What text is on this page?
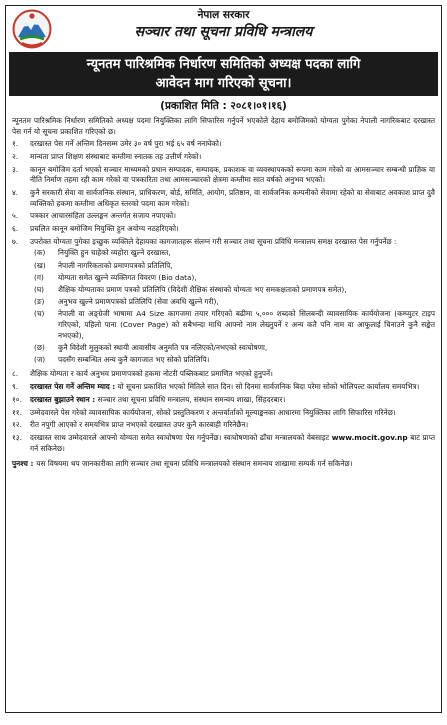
नेपाल सरकार
सञ्चार तथा सूचना प्रविधि मन्त्रालय
न्यूनतम पारिश्रमिक निर्धारण समितिको अध्यक्ष पदका लागि
आवेदन माग गरिएको सूचना।
(प्रकाशित मिति : २०८१।०१।१६)
न्यूनतम पारिश्रमिक निर्धारण समितिको अध्यक्ष पदमा नियुक्तिका लागि सिफारिस गर्नुपर्ने भएकोले देहाय बमोजिमको योग्यता पुगेका नेपाली नागरिकबाट दरखास्त पेस गर्न यो सूचना प्रकाशित गरिएको छ।
१.	दरखास्त पेस गर्ने अन्तिम दिनसम्म उमेर ३० वर्ष पुरा भई ६५ वर्ष ननाघेको।
२.	मान्यता प्राप्त शिक्षण संस्थाबाट कम्तीमा स्नातक तह उत्तीर्ण गरेको।
३.	कानून बमोजिम दर्ता भएको सञ्चार माध्यमको प्रधान सम्पादक, सम्पादक, प्रकाशक वा व्यवस्थापकको रूपमा काम गरेको वा आमसञ्चार सम्बन्धी प्राज्ञिक वा नीति निर्माण तहमा रही काम गरेको वा पत्रकारिता तथा आमसञ्चारको क्षेत्रमा कम्तीमा सात वर्षको अनुभव भएको।
४.	कुनै सरकारी सेवा वा सार्वजनिक संस्थान, प्राधिकरण, बोर्ड, समिति, आयोग, प्रतिष्ठान, वा सार्वजनिक कम्पनीको सेवामा रहेको वा सेवाबाट अवकाश प्राप्त दुवै व्यक्तिको हकमा कम्तीमा अधिकृत स्तरको पदमा काम गरेको।
५.	पत्रकार आचारसंहिता उल्लङ्घन अन्तर्गत सजाय नपाएको।
६.	प्रचलित कानून बमोजिम नियुक्ति हुन अयोग्य नठहरिएको।
७.	उपरोक्त योग्यता पुगेका इच्छुक व्यक्तिले देहायका कागजातहरू संलग्न गरी सञ्चार तथा सूचना प्रविधि मन्त्रालय समक्ष दरखास्त पेस गर्नुपर्नेछ :
(क)	नियुक्ति हुन चाहेको व्यहोरा खुल्ने दरखास्त,
(ख)	नेपाली नागरिकताको प्रमाणपत्रको प्रतिलिपि,
(ग)	योग्यता समेत खुल्ने व्यक्तिगत विवरण (Bio data),
(घ)	शैक्षिक योग्यताका प्रमाण पत्रको प्रतिलिपि (विदेशी शैक्षिक संस्थाको योग्यता भए समकक्षताको प्रमाणपत्र समेत),
(ङ)	अनुभव खुल्ने प्रमाणपत्रको प्रतिलिपि (सेवा अवधि खुल्ने गरी),
(च)	नेपाली वा अङ्ग्रेजी भाषामा A4 Size कागजमा तयार गरिएको बढीमा ५,००० शब्दको सिलबन्दी व्यावसायिक कार्ययोजना (कम्प्युटर टाइप गरिएको, पहिलो पाना (Cover Page) को सबैभन्दा माथि आफ्नो नाम लेख्नुपर्ने र अन्य कतै पनि नाम वा आफूलाई चिनाउने कुनै सङ्केत नभएको),
(छ)	कुनै विदेशी मुलुकको स्थायी आवासीय अनुमति पत्र नलिएको/नभएको स्वःघोषणा,
(ज)	पदसँग सम्बन्धित अन्य कुनै कागजात भए सोको प्रतिलिपि।
८.	शैक्षिक योग्यता र कार्य अनुभव प्रमाणपत्रको हकमा नोटरी पब्लिकबाट प्रमाणित भएको हुनुपर्ने।
९.	दरखास्त पेस गर्ने अन्तिम म्याद : यो सूचना प्रकाशित भएको मितिले सात दिन। सो दिनमा सार्वजनिक बिदा परेमा सोको भोलिपल्ट कार्यालय समयभित्र।
१०.	दरखास्त बुझाउने स्थान : सञ्चार तथा सूचना प्रविधि मन्त्रालय, संस्थान समन्वय शाखा, सिंहदरबार।
११.	उम्मेदवारले पेस गरेको व्यावसायिक कार्ययोजना, सोको प्रस्तुतिकरण र अन्तर्वार्ताको मूल्याङ्कनका आधारमा नियुक्तिका लागि सिफारिस गरिनेछ।
१२.	रीत नपुगी आएको र समयभित्र प्राप्त नभएको दरखास्त उपर कुनै कारबाही गरिनेछैन।
१३.	दरखास्त साथ उम्मेदवारले आफ्नो योग्यता समेत स्वःघोषणा पेस गर्नुपर्नेछ। स्वःघोषणाको ढाँचा मन्त्रालयको वेबसाइट www.mocit.gov.np बाट प्राप्त गर्न सकिनेछ।
पुनश्च : यस विषयमा थप जानकारीका लागि सञ्चार तथा सूचना प्रविधि मन्त्रालयको संस्थान समन्वय शाखामा सम्पर्क गर्न सकिनेछ।
